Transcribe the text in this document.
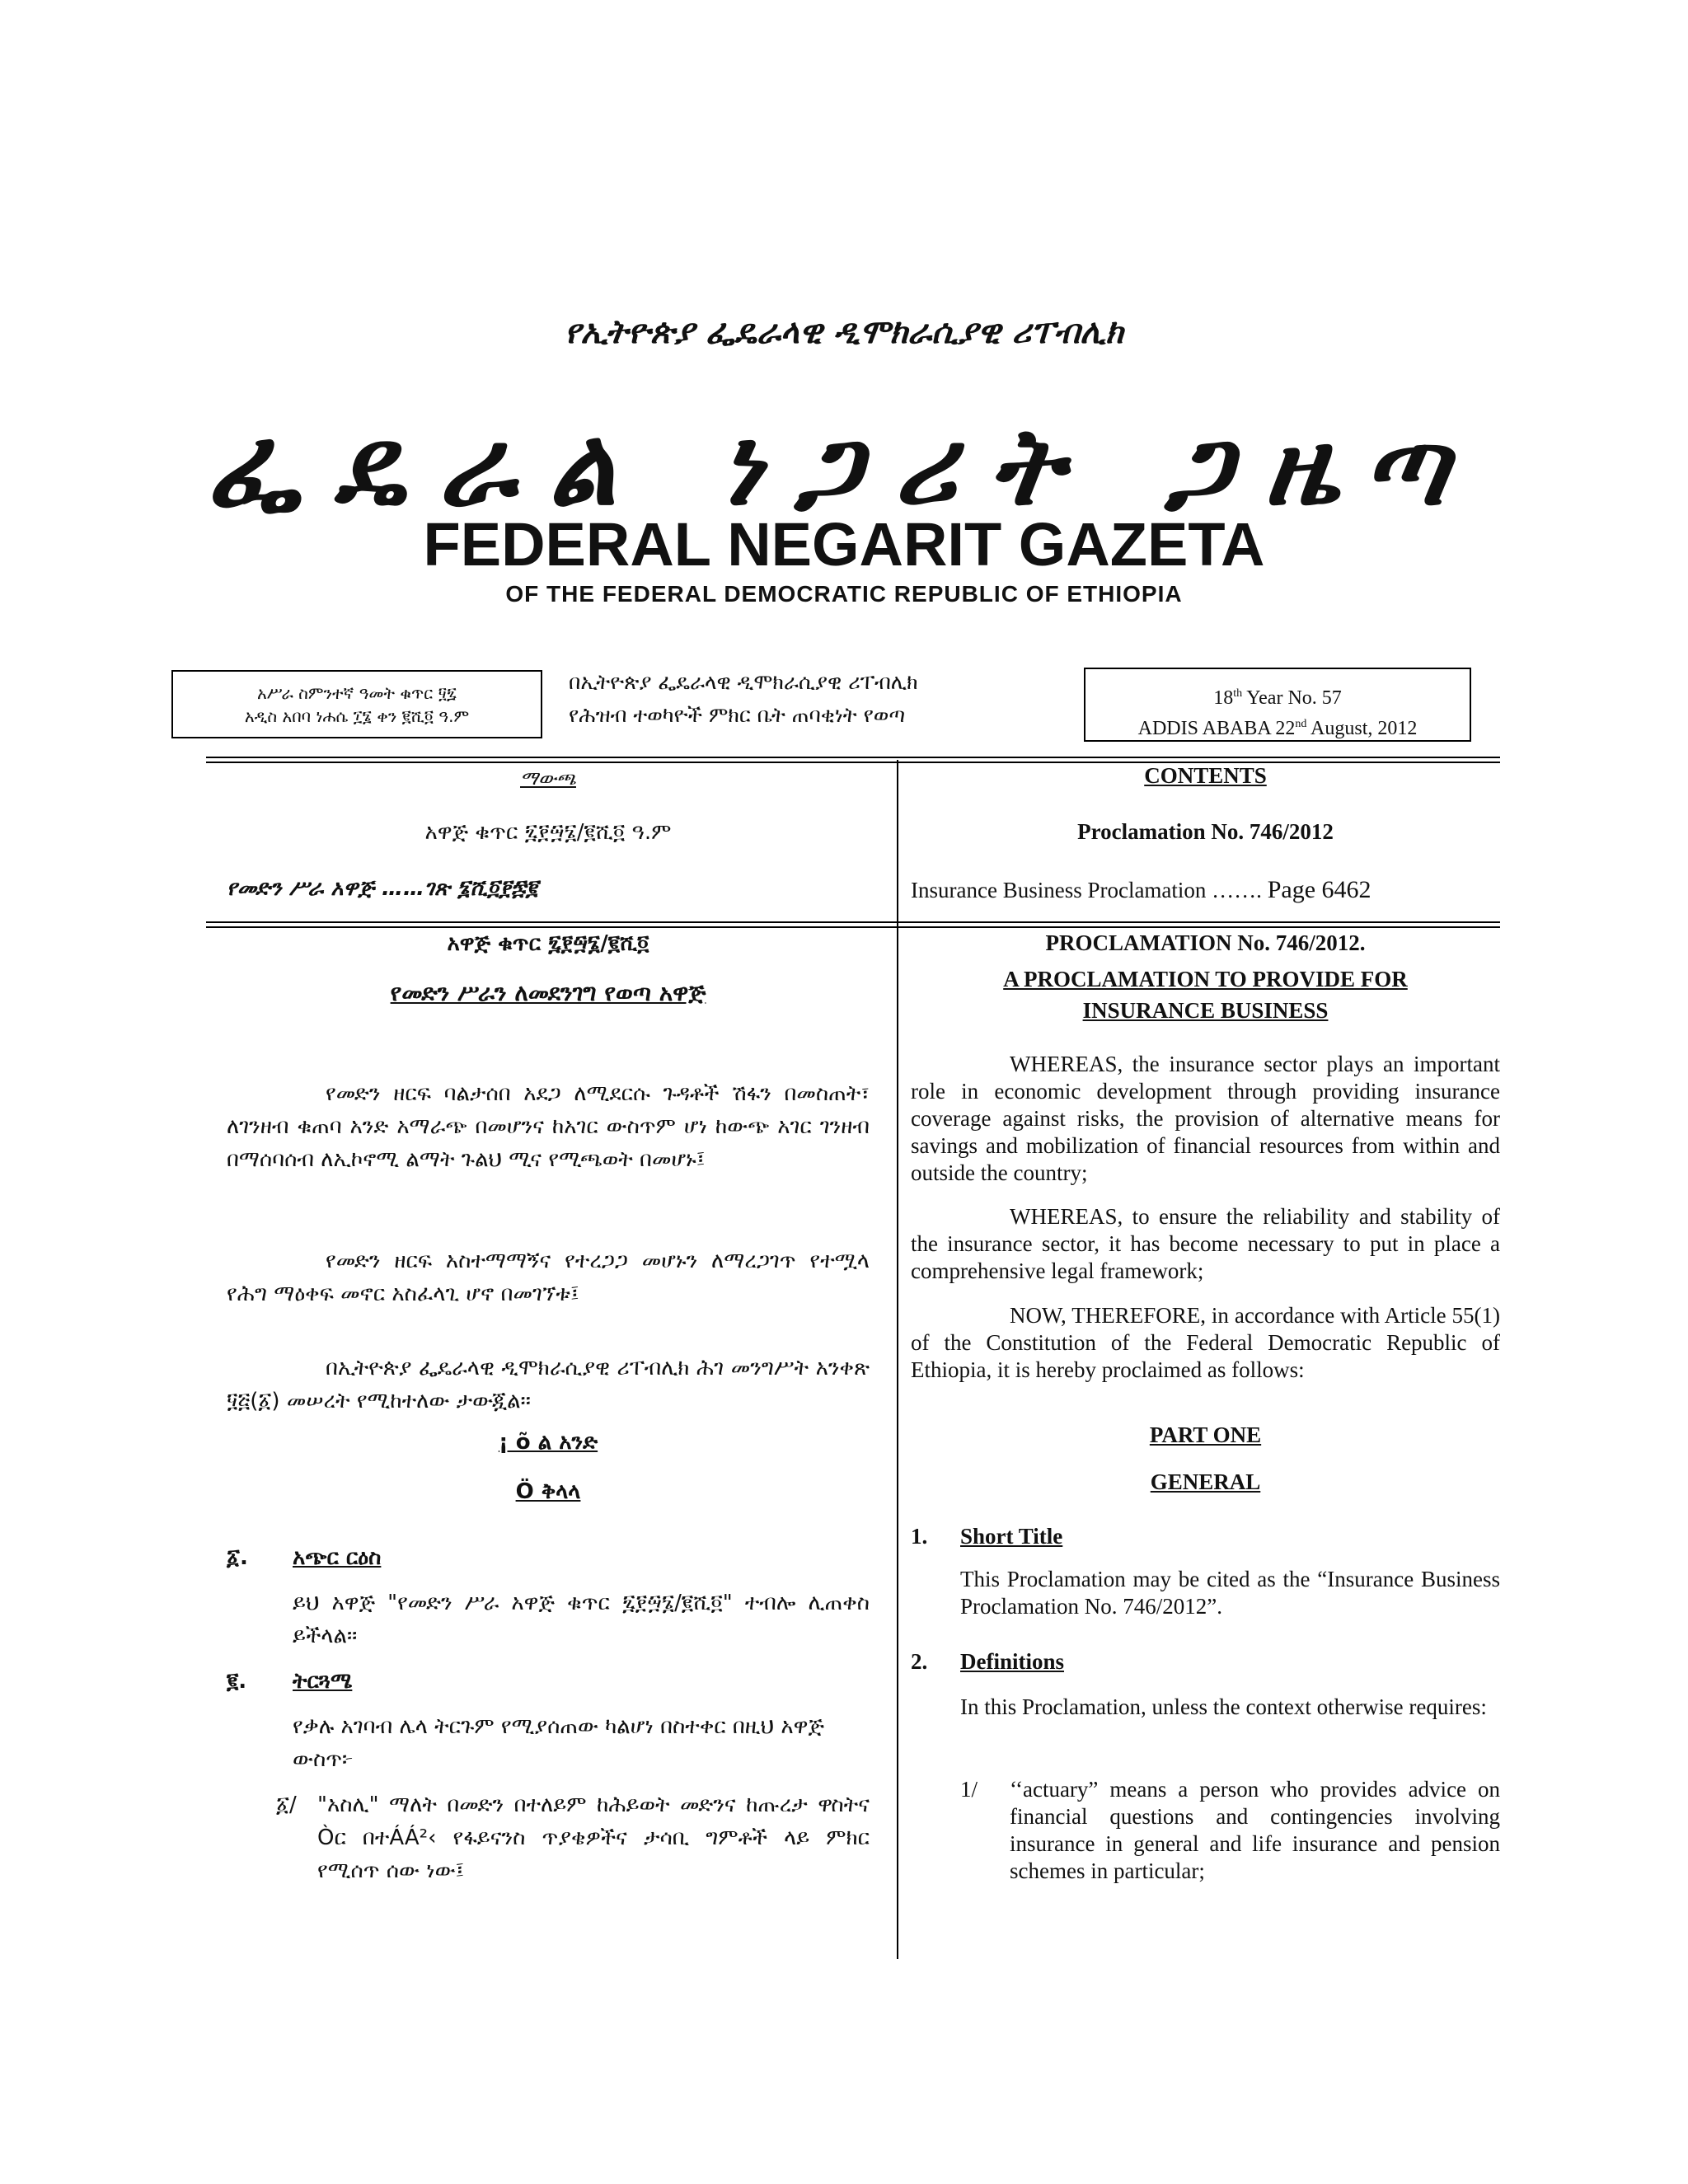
የኢትዮጵያ ፌዴራላዊ ዲሞክራሲያዊ ሪፐብሊክ
ፌዴራል ነጋሪት ጋዜጣ
FEDERAL NEGARIT GAZETA
OF THE FEDERAL DEMOCRATIC REPUBLIC OF ETHIOPIA
አሥራ ስምንተኛ ዓመት ቁጥር ፶፯
አዲስ አበባ ነሐሴ ፲፮ ቀን ፪ሺ፬ ዓ.ም
በኢትዮጵያ ፌዴራላዊ ዲሞክራሲያዊ ሪፐብሊክ
የሕዝብ ተወካዮች ምክር ቤት ጠባቂነት የወጣ
18th Year No. 57
ADDIS ABABA 22nd August, 2012
ማውጫ
አዋጅ ቁጥር ፯፻፵፮/፪ሺ፬ ዓ.ም
የመድን ሥራ አዋጅ ……ገጽ ፮ሺ፬፻፷፪
CONTENTS
Proclamation No. 746/2012
Insurance Business Proclamation ……. Page 6462
አዋጅ ቁጥር ፯፻፵፮/፪ሺ፬
የመድን ሥራን ለመደንገግ የወጣ አዋጅ
የመድን ዘርፍ ባልታሰበ አደጋ ለሚደርሱ ጉዳቶች ሽፋን በመስጠት፣ ለገንዘብ ቁጠባ አንድ አማራጭ በመሆንና ከአገር ውስጥም ሆነ ከውጭ አገር ገንዘብ በማሰባሰብ ለኢኮኖሚ ልማት ጉልህ ሚና የሚጫወት በመሆኑ፤
የመድን ዘርፍ አስተማማኝና የተረጋጋ መሆኑን ለማረጋገጥ የተሟላ የሕግ ማዕቀፍ መኖር አስፈላጊ ሆኖ በመገኘቱ፤
በኢትዮጵያ ፌዴራላዊ ዲሞክራሲያዊ ሪፐብሊክ ሕገ መንግሥት አንቀጽ ፶፭(፩) መሠረት የሚከተለው ታውጇል፡፡
¡ õ ል አንድ
Ö ቅላላ
፩. አጭር ርዕስ
ይህ አዋጅ "የመድን ሥራ አዋጅ ቁጥር ፯፻፵፮/፪ሺ፬" ተብሎ ሊጠቀስ ይችላል፡፡
፪. ትርጓሜ
የቃሉ አገባብ ሌላ ትርጉም የሚያሰጠው ካልሆነ በስተቀር በዚህ አዋጅ ውስጥ፦
፩/ "አስሊ" ማለት በመድን በተለይም ከሕይወት መድንና ከጡረታ ዋስትና Òር በተÁÁ²‹ የፋይናንስ ጥያቄዎችና ታሳቢ ግምቶች ላይ ምክር የሚሰጥ ሰው ነው፤
PROCLAMATION No. 746/2012.
A PROCLAMATION TO PROVIDE FOR
INSURANCE BUSINESS
WHEREAS, the insurance sector plays an important role in economic development through providing insurance coverage against risks, the provision of alternative means for savings and mobilization of financial resources from within and outside the country;
WHEREAS, to ensure the reliability and stability of the insurance sector, it has become necessary to put in place a comprehensive legal framework;
NOW, THEREFORE, in accordance with Article 55(1) of the Constitution of the Federal Democratic Republic of Ethiopia, it is hereby proclaimed as follows:
PART ONE
GENERAL
1. Short Title
This Proclamation may be cited as the “Insurance Business Proclamation No. 746/2012”.
2. Definitions
In this Proclamation, unless the context otherwise requires:
1/	‘‘actuary” means a person who provides advice on financial questions and contingencies involving insurance in general and life insurance and pension schemes in particular;
